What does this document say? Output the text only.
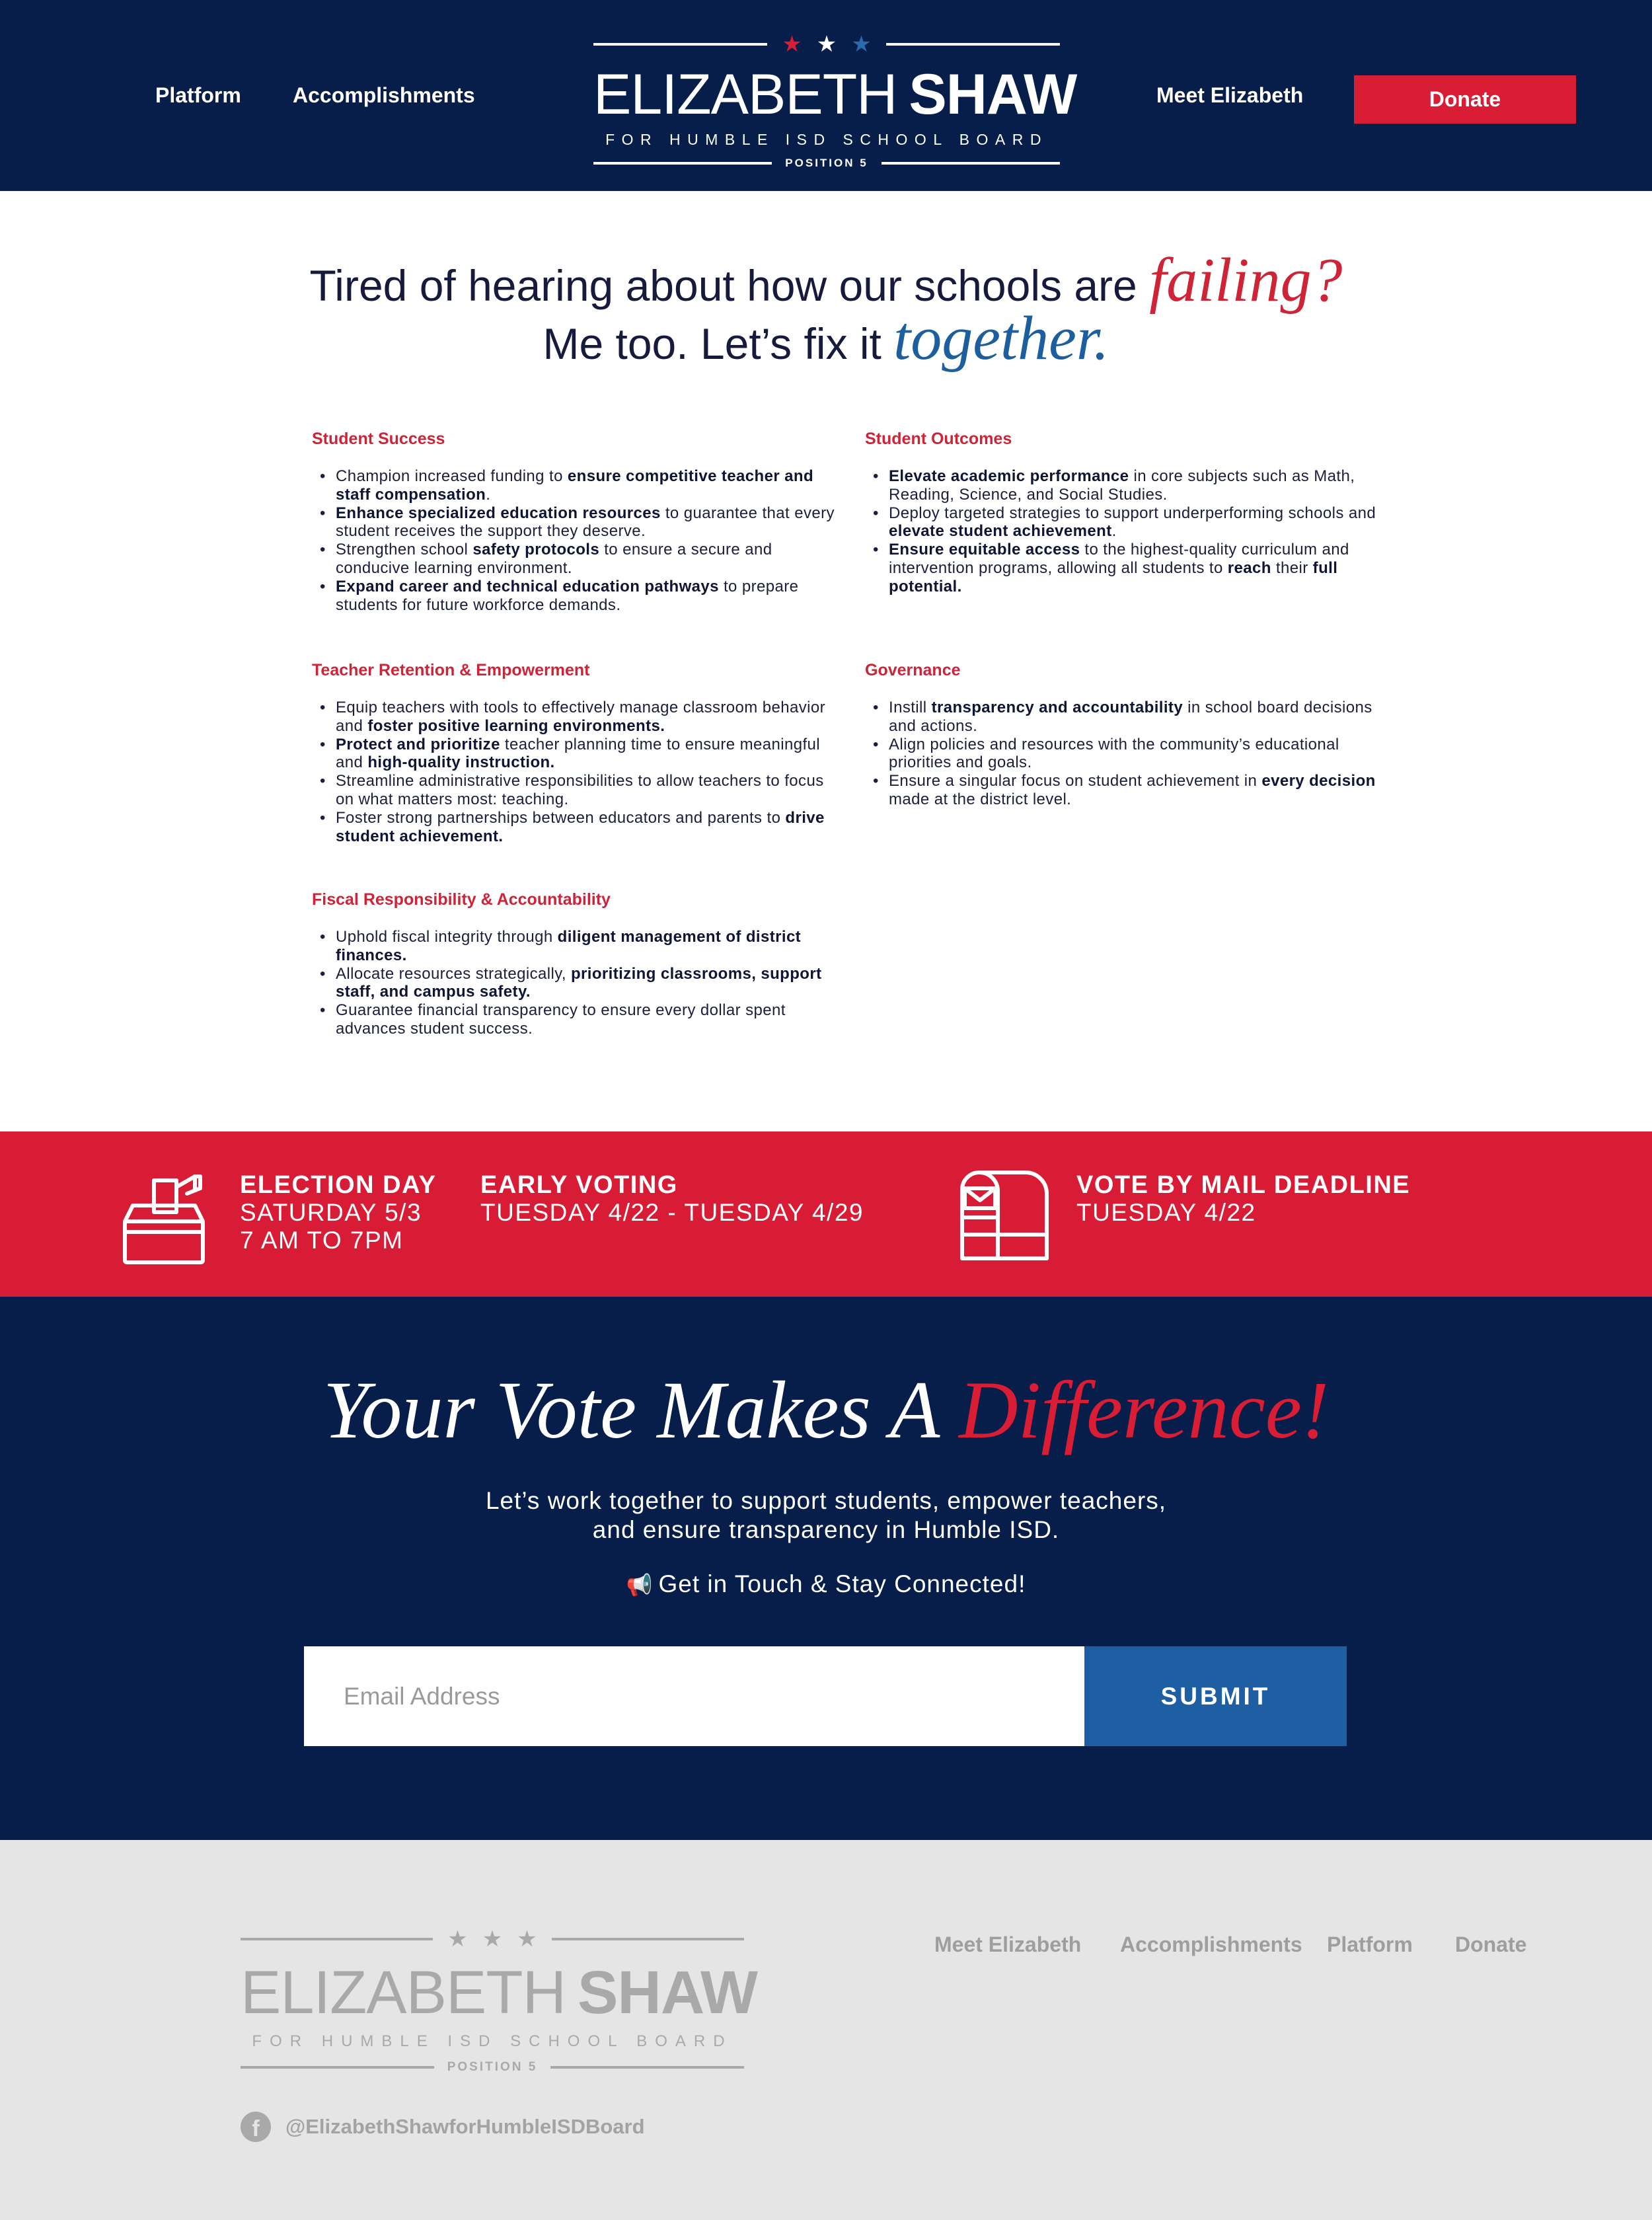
Platform Accomplishments
★ ★ ★
ELIZABETH SHAW
FOR HUMBLE ISD SCHOOL BOARD
POSITION 5
Meet Elizabeth	Donate
Tired of hearing about how our schools are failing?
Me too. Let’s fix it together.
Student Success
• Champion increased funding to ensure competitive teacher and staff compensation.
• Enhance specialized education resources to guarantee that every student receives the support they deserve.
• Strengthen school safety protocols to ensure a secure and conducive learning environment.
• Expand career and technical education pathways to prepare students for future workforce demands.
Student Outcomes
• Elevate academic performance in core subjects such as Math, Reading, Science, and Social Studies.
• Deploy targeted strategies to support underperforming schools and elevate student achievement.
• Ensure equitable access to the highest-quality curriculum and intervention programs, allowing all students to reach their full potential.
Teacher Retention & Empowerment
• Equip teachers with tools to effectively manage classroom behavior and foster positive learning environments.
• Protect and prioritize teacher planning time to ensure meaningful and high-quality instruction.
• Streamline administrative responsibilities to allow teachers to focus on what matters most: teaching.
• Foster strong partnerships between educators and parents to drive student achievement.
Governance
• Instill transparency and accountability in school board decisions and actions.
• Align policies and resources with the community’s educational priorities and goals.
• Ensure a singular focus on student achievement in every decision made at the district level.
Fiscal Responsibility & Accountability
• Uphold fiscal integrity through diligent management of district finances.
• Allocate resources strategically, prioritizing classrooms, support staff, and campus safety.
• Guarantee financial transparency to ensure every dollar spent advances student success.
ELECTION DAY
SATURDAY 5/3
7 AM TO 7PM
EARLY VOTING
TUESDAY 4/22 - TUESDAY 4/29
VOTE BY MAIL DEADLINE
TUESDAY 4/22
Your Vote Makes A Difference!
Let’s work together to support students, empower teachers,
and ensure transparency in Humble ISD.
📢 Get in Touch & Stay Connected!
Email Address
SUBMIT
★ ★ ★
ELIZABETH SHAW
FOR HUMBLE ISD SCHOOL BOARD
POSITION 5
Meet Elizabeth Accomplishments Platform Donate
f	@ElizabethShawforHumbleISDBoard
